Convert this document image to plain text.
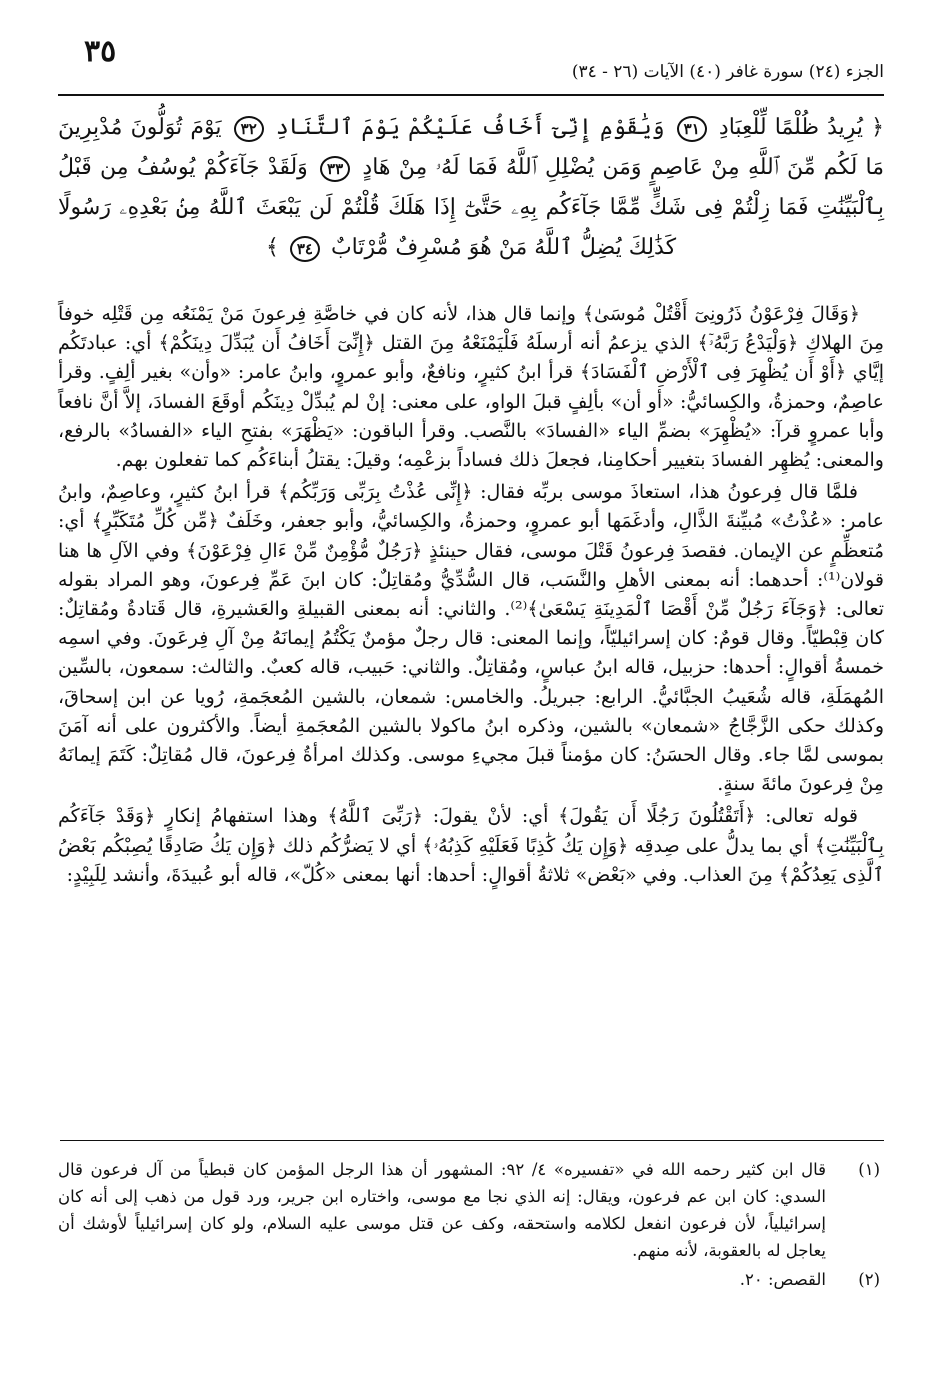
٣٥
الجزء (٢٤) سورة غافر (٤٠) الآيات (٢٦ - ٣٤)
﴿ يُرِيدُ ظُلْمًا لِّلْعِبَادِ ٣١ وَيَٰقَوْمِ إِنِّىٓ أَخَافُ عَلَيْكُمْ يَوْمَ ٱلتَّنَادِ ٣٢ يَوْمَ تُوَلُّونَ مُدْبِرِينَ مَا لَكُم مِّنَ ٱللَّهِ مِنْ عَاصِمٍ وَمَن يُضْلِلِ ٱللَّهُ فَمَا لَهُۥ مِنْ هَادٍ ٣٣ وَلَقَدْ جَآءَكُمْ يُوسُفُ مِن قَبْلُ بِٱلْبَيِّنَٰتِ فَمَا زِلْتُمْ فِى شَكٍّ مِّمَّا جَآءَكُم بِهِۦ حَتَّىٰٓ إِذَا هَلَكَ قُلْتُمْ لَن يَبْعَثَ ٱللَّهُ مِنۢ بَعْدِهِۦ رَسُولًا كَذَٰلِكَ يُضِلُّ ٱللَّهُ مَنْ هُوَ مُسْرِفٌ مُّرْتَابٌ ٣٤ ﴾

﴿وَقَالَ فِرْعَوْنُ ذَرُونِىٓ أَقْتُلْ مُوسَىٰ﴾ وإنما قال هذا، لأنه كان في خاصَّةِ فِرعونَ مَنْ يَمْنَعُه مِن قَتْلِه خوفاً مِنَ الهلاكِ ﴿وَلْيَدْعُ رَبَّهُۥٓ﴾ الذي يزعمُ أنه أرسلَهُ فَلْيَمْنَعْهُ مِنَ القتل ﴿إِنِّىٓ أَخَافُ أَن يُبَدِّلَ دِينَكُمْ﴾ أي: عبادتَكُم إيَّاي ﴿أَوْ أَن يُظْهِرَ فِى ٱلْأَرْضِ ٱلْفَسَادَ﴾ قرأ ابنُ كثيرٍ، ونافعٌ، وأبو عمروٍ، وابنُ عامر: «وأن» بغير ألِفٍ. وقرأ عاصِمٌ، وحمزةُ، والكِسائيُّ: «أو أن» بألِفٍ قبلَ الواو، على معنى: إنْ لم يُبدِّلْ دِينَكُم أوقَعَ الفسادَ، إلاَّ أنَّ نافعاً وأبا عمروٍ قرآ: «يُظْهِرَ» بضمِّ الياء «الفسادَ» بالنَّصب. وقرأ الباقون: «يَظْهَرَ» بفتحِ الياء «الفسادُ» بالرفع، والمعنى: يُظهِر الفسادَ بتغيير أحكامِنا، فجعلَ ذلك فساداً بزعْمِه؛ وقيلَ: يقتلُ أبناءَكُم كما تفعلون بهم.

فلمَّا قال فِرعونُ هذا، استعاذَ موسى بربِّه فقال: ﴿إِنِّى عُذْتُ بِرَبِّى وَرَبِّكُم﴾ قرأ ابنُ كثيرٍ، وعاصِمٌ، وابنُ عامر: «عُذْتُ» مُبيِّنةَ الذَّالِ، وأدغَمَها أبو عمروٍ، وحمزةُ، والكِسائيُّ، وأبو جعفر، وخَلَفٌ ﴿مِّن كُلِّ مُتَكَبِّرٍ﴾ أي: مُتعظِّمٍ عن الإيمان. فقصدَ فِرعونُ قَتْلَ موسى، فقال حينئذٍ ﴿رَجُلٌ مُّؤْمِنٌ مِّنْ ءَالِ فِرْعَوْنَ﴾ وفي الآلِ ها هنا قولان⁽¹⁾: أحدهما: أنه بمعنى الأهلِ والنَّسَب، قال السُّدِّيُّ ومُقاتِلٌ: كان ابنَ عَمِّ فِرعونَ، وهو المراد بقوله تعالى: ﴿وَجَآءَ رَجُلٌ مِّنْ أَقْصَا ٱلْمَدِينَةِ يَسْعَىٰ﴾⁽²⁾. والثاني: أنه بمعنى القبيلةِ والعَشيرةِ، قال قَتادةُ ومُقاتِلٌ: كان قِبْطيّاً. وقال قومٌ: كان إسرائيليّاً، وإنما المعنى: قال رجلٌ مؤمنٌ يَكْتُمُ إيمانَهُ مِنْ آلِ فِرعَونَ. وفي اسمِه خمسةُ أقوالٍ: أحدها: حزبيل، قاله ابنُ عباسٍ، ومُقاتِلٌ. والثاني: حَبيب، قاله كعبٌ. والثالث: سمعون، بالسِّين المُهمَلَةِ، قاله شُعَيبُ الجبَّائيُّ. الرابع: جبريلُ. والخامس: شمعان، بالشين المُعجَمةِ، رُويا عن ابن إسحاقَ، وكذلك حكى الزَّجَّاجُ «شمعان» بالشين، وذكره ابنُ ماكولا بالشين المُعجَمةِ أيضاً. والأكثرون على أنه آمَنَ بموسى لمَّا جاء. وقال الحسَنُ: كان مؤمناً قبلَ مجيءِ موسى. وكذلك امرأةُ فِرعونَ، قال مُقاتِلٌ: كَتَمَ إيمانَهُ مِنْ فِرعونَ مائةَ سنةٍ.

قوله تعالى: ﴿أَتَقْتُلُونَ رَجُلًا أَن يَقُولَ﴾ أي: لأنْ يقولَ: ﴿رَبِّىَ ٱللَّهُ﴾ وهذا استفهامُ إنكارٍ ﴿وَقَدْ جَآءَكُم بِٱلْبَيِّنَٰتِ﴾ أي بما يدلُّ على صِدقِه ﴿وَإِن يَكُ كَٰذِبًا فَعَلَيْهِ كَذِبُهُۥ﴾ أي لا يَضرُّكُم ذلك ﴿وَإِن يَكُ صَادِقًا يُصِبْكُم بَعْضُ ٱلَّذِى يَعِدُكُمْ﴾ مِنَ العذاب. وفي «بَعْض» ثلاثةُ أقوالٍ: أحدها: أنها بمعنى «كُلّ»، قاله أبو عُبيدَةَ، وأنشد لِلَبِيْدٍ:

(١)
قال ابن كثير رحمه الله في «تفسيره» ٤/ ٩٢: المشهور أن هذا الرجل المؤمن كان قبطياً من آل فرعون قال السدي: كان ابن عم فرعون، ويقال: إنه الذي نجا مع موسى، واختاره ابن جرير، ورد قول من ذهب إلى أنه كان إسرائيلياً، لأن فرعون انفعل لكلامه واستحقه، وكف عن قتل موسى عليه السلام، ولو كان إسرائيلياً لأوشك أن يعاجل له بالعقوبة، لأنه منهم.
(٢)
القصص: ٢٠.
